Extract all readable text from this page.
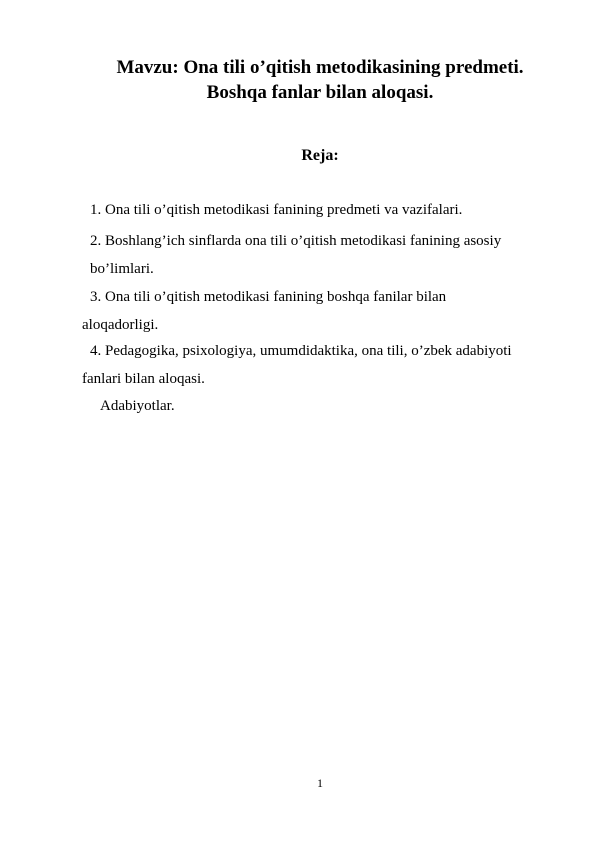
Mavzu: Ona tili o’qitish metodikasining predmeti.
Boshqa fanlar bilan aloqasi.
Reja:
1. Ona tili o’qitish metodikasi fanining predmeti va vazifalari.
2. Boshlang’ich sinflarda ona tili o’qitish metodikasi fanining asosiy
bo’limlari.
3. Ona tili o’qitish metodikasi fanining boshqa fanilar bilan
aloqadorligi.
4. Pedagogika, psixologiya, umumdidaktika, ona tili, o’zbek adabiyoti
fanlari bilan aloqasi.
Adabiyotlar.
1
